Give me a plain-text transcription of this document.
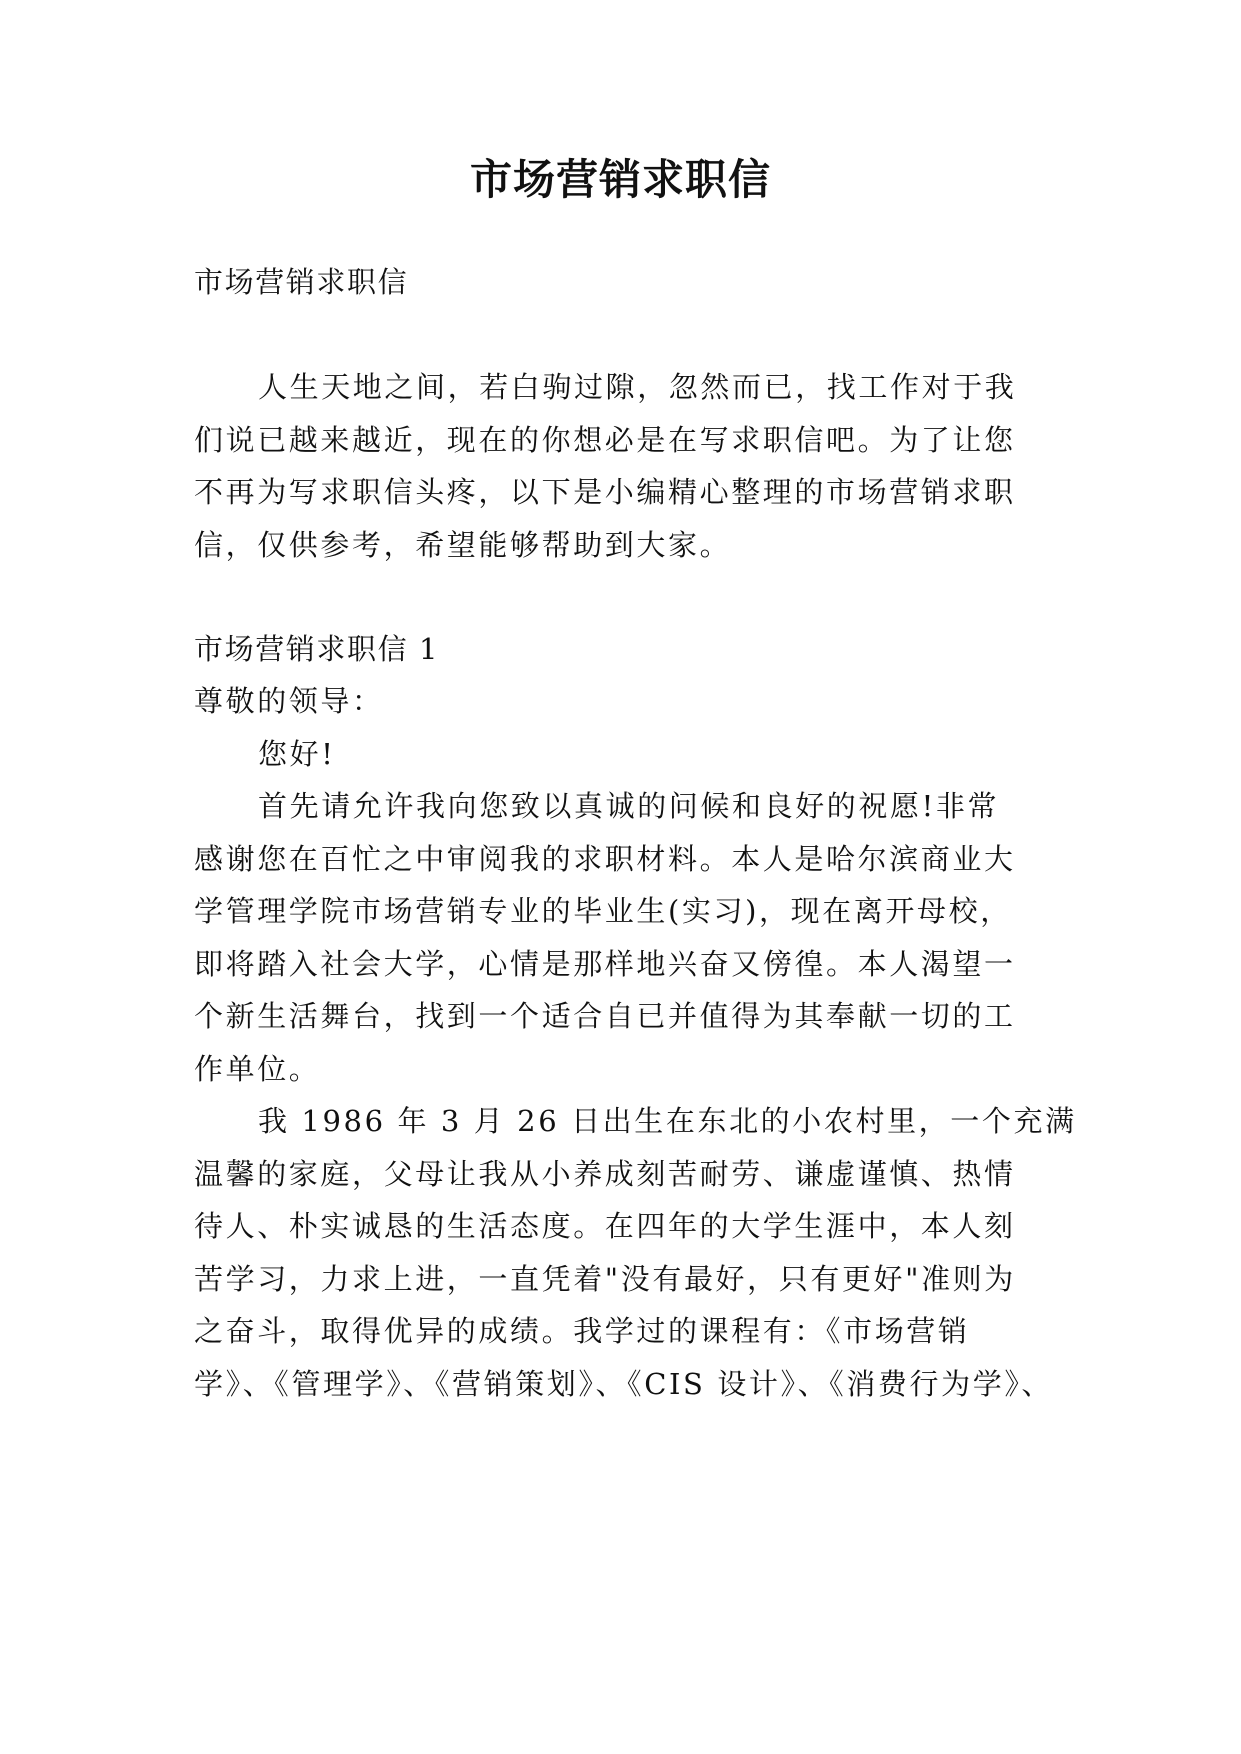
市场营销求职信
市场营销求职信
人生天地之间，若白驹过隙，忽然而已，找工作对于我
们说已越来越近，现在的你想必是在写求职信吧。为了让您
不再为写求职信头疼，以下是小编精心整理的市场营销求职
信，仅供参考，希望能够帮助到大家。
市场营销求职信 1
尊敬的领导：
您好!
首先请允许我向您致以真诚的问候和良好的祝愿!非常
感谢您在百忙之中审阅我的求职材料。本人是哈尔滨商业大
学管理学院市场营销专业的毕业生(实习)，现在离开母校，
即将踏入社会大学，心情是那样地兴奋又傍徨。本人渴望一
个新生活舞台，找到一个适合自已并值得为其奉献一切的工
作单位。
我 1986 年 3 月 26 日出生在东北的小农村里，一个充满
温馨的家庭，父母让我从小养成刻苦耐劳、谦虚谨慎、热情
待人、朴实诚恳的生活态度。在四年的大学生涯中，本人刻
苦学习，力求上进，一直凭着"没有最好，只有更好"准则为
之奋斗，取得优异的成绩。我学过的课程有：《市场营销
学》、《管理学》、《营销策划》、《CIS 设计》、《消费行为学》、
